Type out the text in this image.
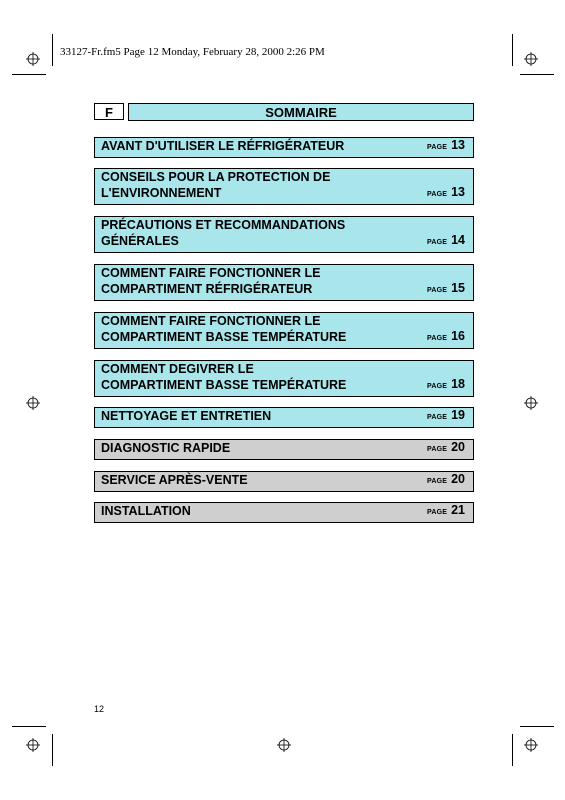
33127-Fr.fm5 Page 12 Monday, February 28, 2000 2:26 PM
F	SOMMAIRE
AVANT D'UTILISER LE RÉFRIGÉRATEUR	PAGE 13
CONSEILS POUR LA PROTECTION DE
L'ENVIRONNEMENT	PAGE 13
PRÉCAUTIONS ET RECOMMANDATIONS
GÉNÉRALES	PAGE 14
COMMENT FAIRE FONCTIONNER LE
COMPARTIMENT RÉFRIGÉRATEUR	PAGE 15
COMMENT FAIRE FONCTIONNER LE
COMPARTIMENT BASSE TEMPÉRATURE	PAGE 16
COMMENT DEGIVRER LE
COMPARTIMENT BASSE TEMPÉRATURE	PAGE 18
NETTOYAGE ET ENTRETIEN	PAGE 19
DIAGNOSTIC RAPIDE	PAGE 20
SERVICE APRÈS-VENTE	PAGE 20
INSTALLATION	PAGE 21
12
